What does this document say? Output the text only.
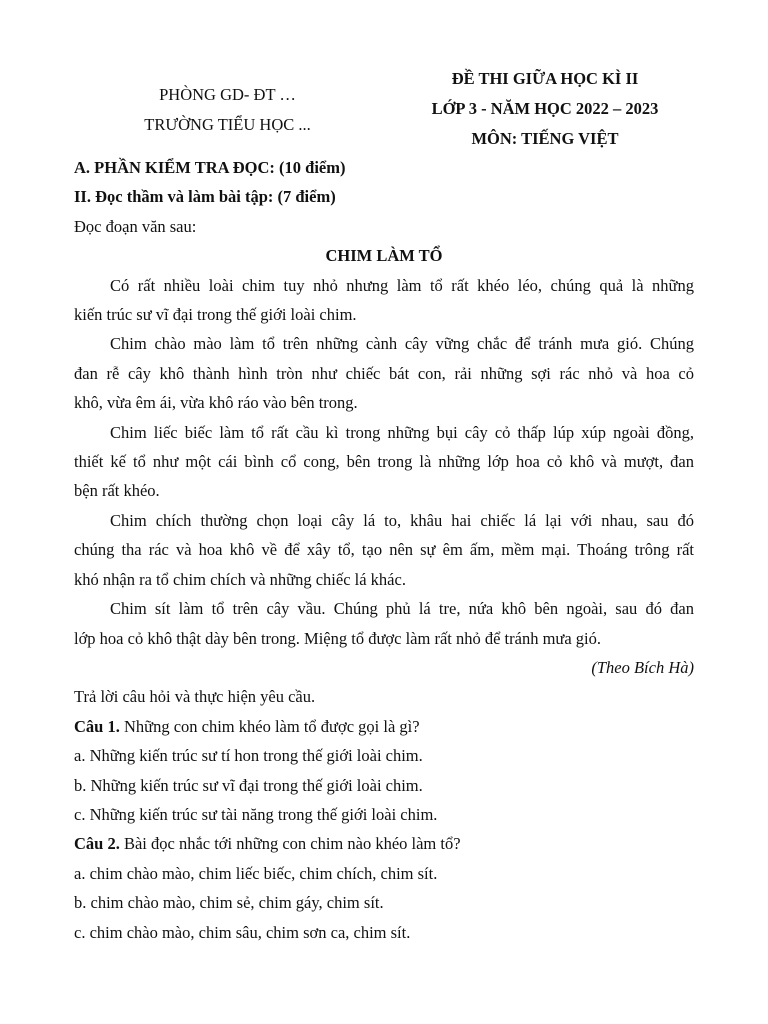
PHÒNG GD- ĐT …
TRƯỜNG TIỂU HỌC ...
ĐỀ THI GIỮA HỌC KÌ II
LỚP 3 - NĂM HỌC 2022 – 2023
MÔN: TIẾNG VIỆT
A. PHẦN KIỂM TRA ĐỌC: (10 điểm)
II. Đọc thầm và làm bài tập: (7 điểm)
Đọc đoạn văn sau:
CHIM LÀM TỔ
Có rất nhiều loài chim tuy nhỏ nhưng làm tổ rất khéo léo, chúng quả là những
kiến trúc sư vĩ đại trong thế giới loài chim.
Chim chào mào làm tổ trên những cành cây vững chắc để tránh mưa gió. Chúng
đan rễ cây khô thành hình tròn như chiếc bát con, rải những sợi rác nhỏ và hoa cỏ
khô, vừa êm ái, vừa khô ráo vào bên trong.
Chim liếc biếc làm tổ rất cầu kì trong những bụi cây cỏ thấp lúp xúp ngoài đồng,
thiết kế tổ như một cái bình cổ cong, bên trong là những lớp hoa cỏ khô và mượt, đan
bện rất khéo.
Chim chích thường chọn loại cây lá to, khâu hai chiếc lá lại với nhau, sau đó
chúng tha rác và hoa khô về để xây tổ, tạo nên sự êm ấm, mềm mại. Thoáng trông rất
khó nhận ra tổ chim chích và những chiếc lá khác.
Chim sít làm tổ trên cây vầu. Chúng phủ lá tre, nứa khô bên ngoài, sau đó đan
lớp hoa cỏ khô thật dày bên trong. Miệng tổ được làm rất nhỏ để tránh mưa gió.
(Theo Bích Hà)
Trả lời câu hỏi và thực hiện yêu cầu.
Câu 1. Những con chim khéo làm tổ được gọi là gì?
a. Những kiến trúc sư tí hon trong thế giới loài chim.
b. Những kiến trúc sư vĩ đại trong thế giới loài chim.
c. Những kiến trúc sư tài năng trong thế giới loài chim.
Câu 2. Bài đọc nhắc tới những con chim nào khéo làm tổ?
a. chim chào mào, chim liếc biếc, chim chích, chim sít.
b. chim chào mào, chim sẻ, chim gáy, chim sít.
c. chim chào mào, chim sâu, chim sơn ca, chim sít.
